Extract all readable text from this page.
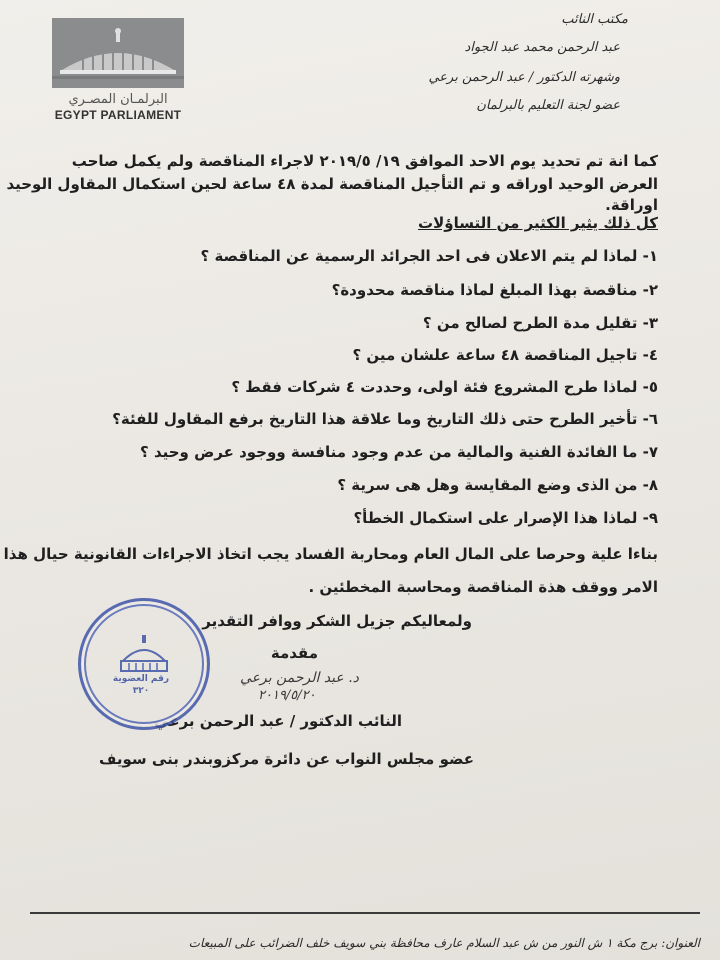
البرلمـان المصـري
EGYPT PARLIAMENT
مكتب النائب
عبد الرحمن محمد عبد الجواد
وشهرته الدكتور / عبد الرحمن برعي
عضو لجنة التعليم بالبرلمان
كما انة تم تحديد يوم الاحد الموافق ١٩/ ٢٠١٩/٥ لاجراء المناقصة ولم يكمل صاحب
العرض الوحيد اوراقه و تم التأجيل المناقصة لمدة ٤٨ ساعة لحين استكمال المقاول الوحيد
اوراقة.
كل ذلك يثير الكثير من التساؤلات
١- لماذا لم يتم الاعلان فى احد الجرائد الرسمية عن المناقصة ؟
٢- مناقصة بهذا المبلغ لماذا مناقصة محدودة؟
٣- تقليل مدة الطرح لصالح من ؟
٤- تاجيل المناقصة ٤٨ ساعة علشان مين ؟
٥- لماذا طرح المشروع فئة اولى، وحددت ٤ شركات فقط ؟
٦- تأخير الطرح حتى ذلك التاريخ وما علاقة هذا التاريخ برفع المقاول للفئة؟
٧- ما الفائدة الفنية والمالية من عدم وجود منافسة ووجود عرض وحيد ؟
٨- من الذى وضع المقايسة وهل هى سرية ؟
٩- لماذا هذا الإصرار على استكمال الخطأ؟
بناءا علية وحرصا على المال العام ومحاربة الفساد يجب اتخاذ الاجراءات القانونية حيال هذا
الامر ووقف هذة المناقصة ومحاسبة المخطئين .
ولمعاليكم جزيل الشكر ووافر التقدير
مقدمة
د. عبد الرحمن برعي
٢٠١٩/٥/٢٠
النائب الدكتور / عبد الرحمن برعي
عضو مجلس النواب عن دائرة مركزوبندر بنى سويف
رقم العضوية
٣٢٠
العنوان: برج مكة ١ ش النور من ش عبد السلام عارف محافظة بني سويف خلف الضرائب على المبيعات
